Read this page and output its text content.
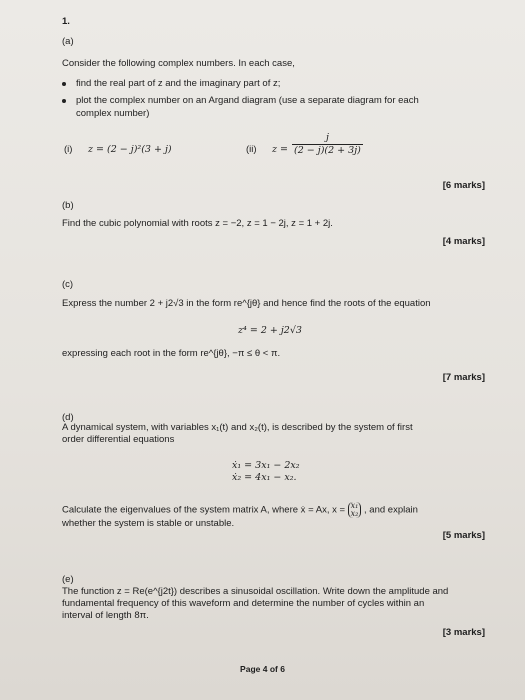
1.
(a)
Consider the following complex numbers. In each case,
find the real part of z and the imaginary part of z;
plot the complex number on an Argand diagram (use a separate diagram for each
complex number)
(i) z = (2 − j)²(3 + j)	(ii) $z = \frac{j}{(2 - j)(2 + 3j)}$
[6 marks]
(b)
Find the cubic polynomial with roots z = −2, z = 1 − 2j, z = 1 + 2j.
[4 marks]
(c)
Express the number 2 + j2√3 in the form re^{jθ} and hence find the roots of the equation
z⁴ = 2 + j2√3
expressing each root in the form re^{jθ}, −π ≤ θ < π.
[7 marks]
(d)
A dynamical system, with variables x₁(t) and x₂(t), is described by the system of first
order differential equations
ẋ₁ = 3x₁ − 2x₂
ẋ₂ = 4x₁ − x₂.
Calculate the eigenvalues of the system matrix A, where ẋ = Ax, x = x₁
x₂ , and explain
whether the system is stable or unstable.
[5 marks]
(e)
The function z = Re(e^{j2t}) describes a sinusoidal oscillation. Write down the amplitude and
fundamental frequency of this waveform and determine the number of cycles within an
interval of length 8π.
[3 marks]
Page 4 of 6
